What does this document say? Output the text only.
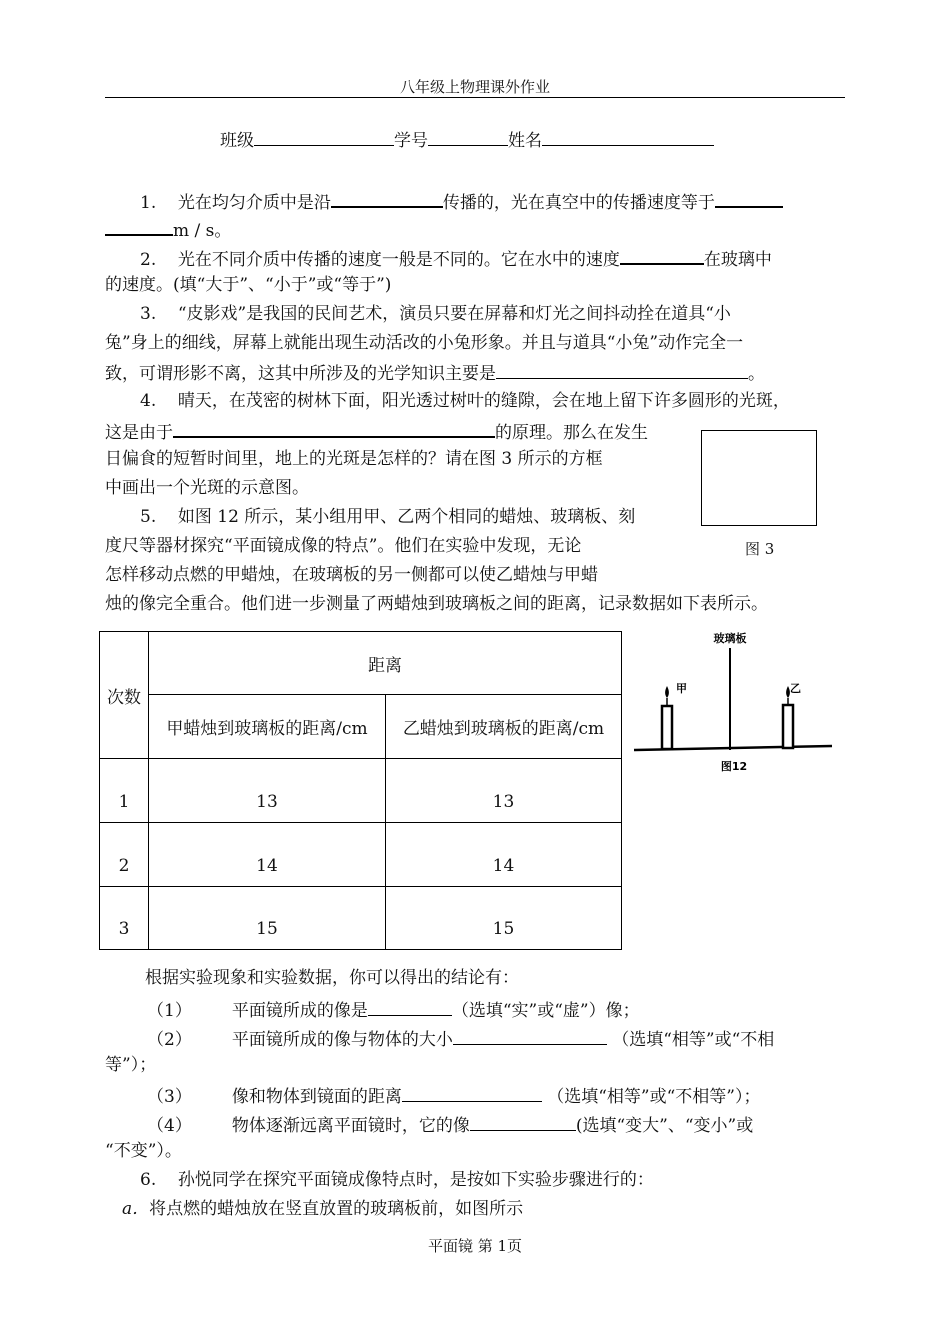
八年级上物理课外作业
班级	学号	姓名
1. 光在均匀介质中是沿	传播的，光在真空中的传播速度等于
m / s。
2. 光在不同介质中传播的速度一般是不同的。它在水中的速度	在玻璃中
的速度。(填“大于”、“小于”或“等于”)
3. “皮影戏”是我国的民间艺术，演员只要在屏幕和灯光之间抖动拴在道具“小
兔”身上的细线，屏幕上就能出现生动活改的小兔形象。并且与道具“小兔”动作完全一
致，可谓形影不离，这其中所涉及的光学知识主要是	。
4. 晴天，在茂密的树林下面，阳光透过树叶的缝隙，会在地上留下许多圆形的光斑，
这是由于	的原理。那么在发生
日偏食的短暂时间里，地上的光斑是怎样的？请在图 3 所示的方框
中画出一个光斑的示意图。
图 3
5. 如图 12 所示，某小组用甲、乙两个相同的蜡烛、玻璃板、刻
度尺等器材探究“平面镜成像的特点”。他们在实验中发现，无论
怎样移动点燃的甲蜡烛，在玻璃板的另一侧都可以使乙蜡烛与甲蜡
烛的像完全重合。他们进一步测量了两蜡烛到玻璃板之间的距离，记录数据如下表所示。
次数	距离	
	甲蜡烛到玻璃板的距离/cm	乙蜡烛到玻璃板的距离/cm
1	13	13
2	14	14
3	15	15
玻璃板
甲	乙
图12
根据实验现象和实验数据，你可以得出的结论有：
（1） 平面镜所成的像是	（选填“实”或“虚”）像；
（2） 平面镜所成的像与物体的大小	（选填“相等”或“不相
等”）；
（3） 像和物体到镜面的距离	（选填“相等”或“不相等”）；
（4） 物体逐渐远离平面镜时，它的像	(选填“变大”、“变小”或
“不变”）。
6. 孙悦同学在探究平面镜成像特点时，是按如下实验步骤进行的：
a．将点燃的蜡烛放在竖直放置的玻璃板前，如图所示
平面镜 第 1页
